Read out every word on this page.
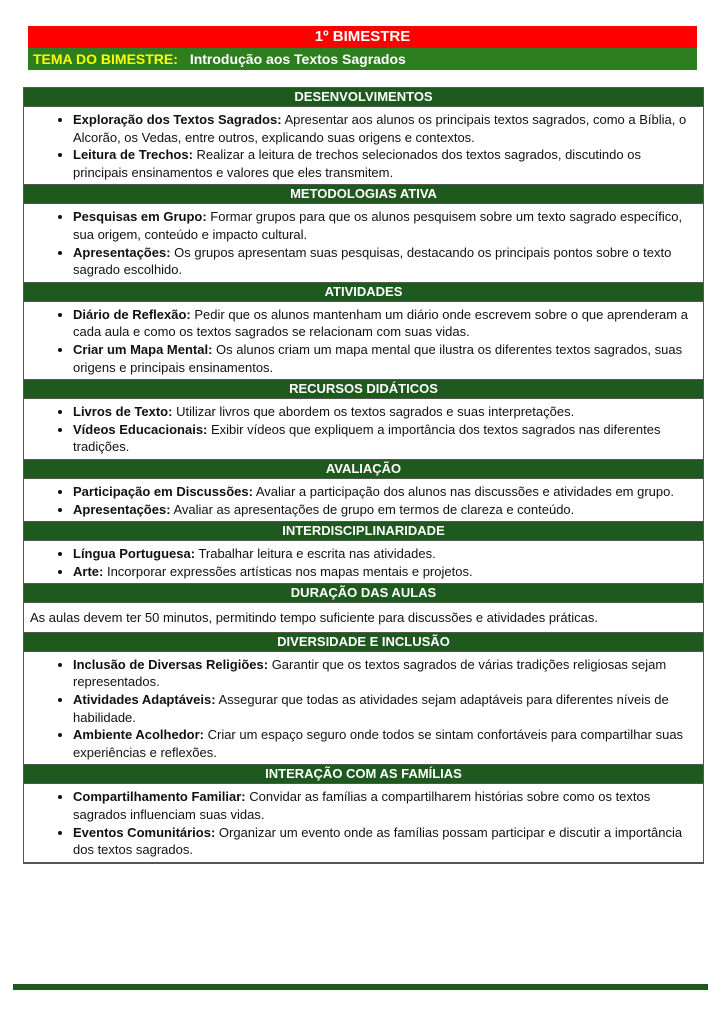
1º BIMESTRE
TEMA DO BIMESTRE: Introdução aos Textos Sagrados
DESENVOLVIMENTOS
• Exploração dos Textos Sagrados: Apresentar aos alunos os principais textos sagrados, como a Bíblia, o Alcorão, os Vedas, entre outros, explicando suas origens e contextos.
• Leitura de Trechos: Realizar a leitura de trechos selecionados dos textos sagrados, discutindo os principais ensinamentos e valores que eles transmitem.
METODOLOGIAS ATIVA
• Pesquisas em Grupo: Formar grupos para que os alunos pesquisem sobre um texto sagrado específico, sua origem, conteúdo e impacto cultural.
• Apresentações: Os grupos apresentam suas pesquisas, destacando os principais pontos sobre o texto sagrado escolhido.
ATIVIDADES
• Diário de Reflexão: Pedir que os alunos mantenham um diário onde escrevem sobre o que aprenderam a cada aula e como os textos sagrados se relacionam com suas vidas.
• Criar um Mapa Mental: Os alunos criam um mapa mental que ilustra os diferentes textos sagrados, suas origens e principais ensinamentos.
RECURSOS DIDÁTICOS
• Livros de Texto: Utilizar livros que abordem os textos sagrados e suas interpretações.
• Vídeos Educacionais: Exibir vídeos que expliquem a importância dos textos sagrados nas diferentes tradições.
AVALIAÇÃO
• Participação em Discussões: Avaliar a participação dos alunos nas discussões e atividades em grupo.
• Apresentações: Avaliar as apresentações de grupo em termos de clareza e conteúdo.
INTERDISCIPLINARIDADE
• Língua Portuguesa: Trabalhar leitura e escrita nas atividades.
• Arte: Incorporar expressões artísticas nos mapas mentais e projetos.
DURAÇÃO DAS AULAS

As aulas devem ter 50 minutos, permitindo tempo suficiente para discussões e atividades práticas.

DIVERSIDADE E INCLUSÃO
• Inclusão de Diversas Religiões: Garantir que os textos sagrados de várias tradições religiosas sejam representados.
• Atividades Adaptáveis: Assegurar que todas as atividades sejam adaptáveis para diferentes níveis de habilidade.
• Ambiente Acolhedor: Criar um espaço seguro onde todos se sintam confortáveis para compartilhar suas experiências e reflexões.
INTERAÇÃO COM AS FAMÍLIAS
• Compartilhamento Familiar: Convidar as famílias a compartilharem histórias sobre como os textos sagrados influenciam suas vidas.
• Eventos Comunitários: Organizar um evento onde as famílias possam participar e discutir a importância dos textos sagrados.
